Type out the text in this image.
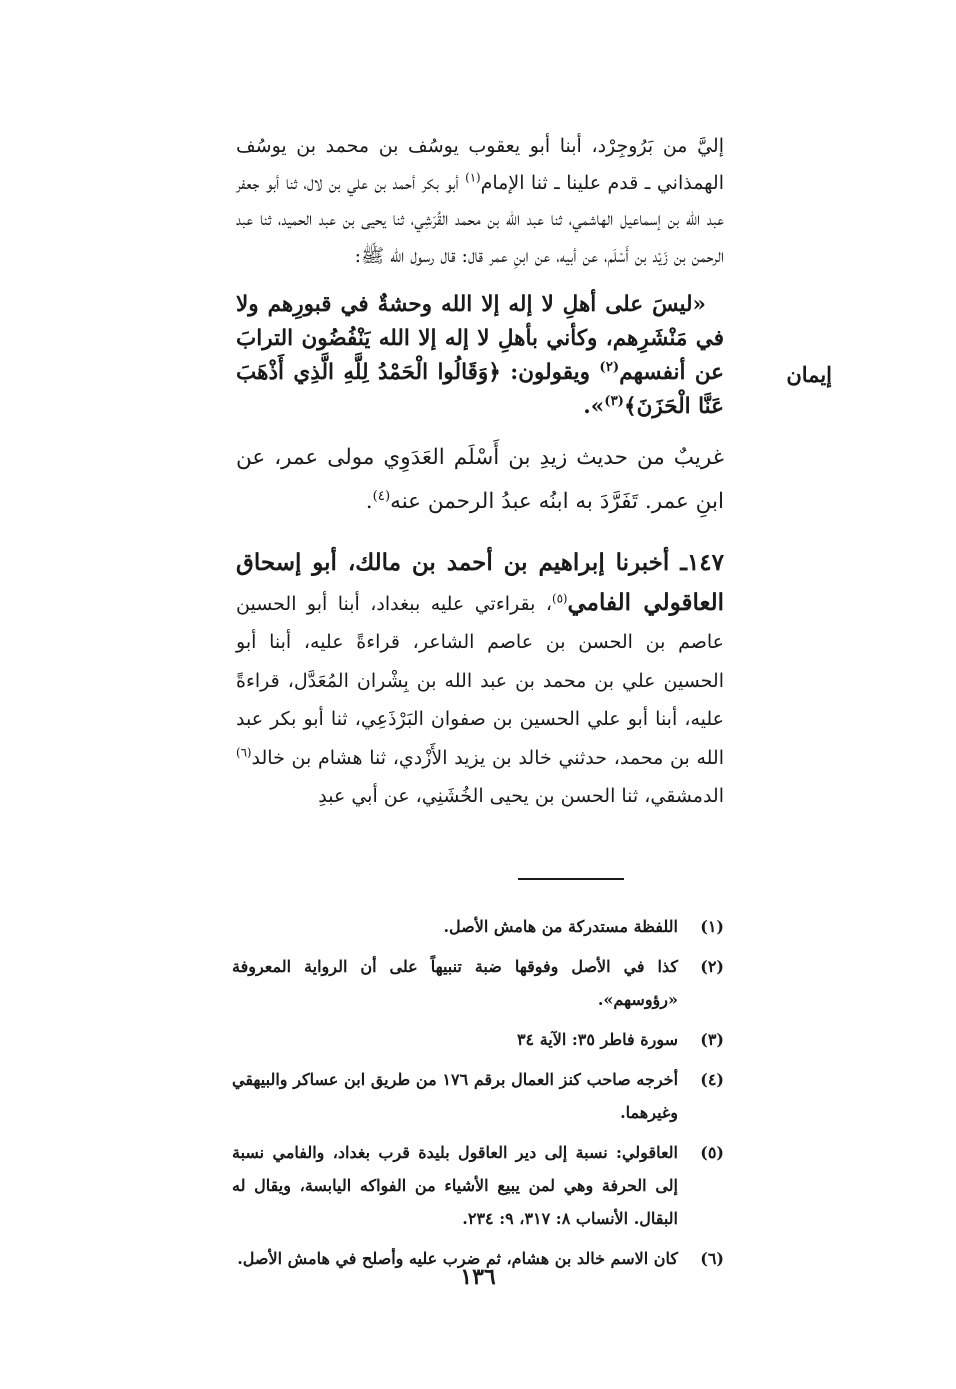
إيمان

إليَّ من بَرُوجِرْد، أبنا أبو يعقوب يوسُف بن محمد بن يوسُف الهمذاني ـ قدم علينا ـ ثنا الإمام$^{(١)}$ أبو بكر أحمد بن علي بن لال، ثنا أبو جعفر عبد الله بن إسماعيل الهاشمي، ثنا عبد الله بن محمد القُرَشِي، ثنا يحيى بن عبد الحميد، ثنا عبد الرحمن بن زَيْد بن أَسْلَم، عن أبيه، عن ابنِ عمر قال: قال رسول الله ﷺ:

«ليسَ على أهلِ لا إله إلا الله وحشةٌ في قبورِهم ولا في مَنْشَرِهم، وكأني بأهلِ لا إله إلا الله يَنْفُضُون الترابَ عن أنفسهم$^{(٢)}$ ويقولون: ﴿وَقَالُوا الْحَمْدُ لِلَّهِ الَّذِي أَذْهَبَ عَنَّا الْحَزَنَ﴾$^{(٣)}$».

غريبٌ من حديث زيدِ بن أَسْلَم العَدَوِي مولى عمر، عن ابنِ عمر. تَفَرَّدَ به ابنُه عبدُ الرحمن عنه$^{(٤)}$.

١٤٧ـ أخبرنا إبراهيم بن أحمد بن مالك، أبو إسحاق العاقولي الفامي$^{(٥)}$، بقراءتي عليه ببغداد، أبنا أبو الحسين عاصم بن الحسن بن عاصم الشاعر، قراءةً عليه، أبنا أبو الحسين علي بن محمد بن عبد الله بن بِشْران المُعَدَّل، قراءةً عليه، أبنا أبو علي الحسين بن صفوان البَرْذَعِي، ثنا أبو بكر عبد الله بن محمد، حدثني خالد بن يزيد الأَزْدي، ثنا هشام بن خالد$^{(٦)}$ الدمشقي، ثنا الحسن بن يحيى الخُشَنِي، عن أبي عبدِ

(١)
اللفظة مستدركة من هامش الأصل.
(٢)
كذا في الأصل وفوقها ضبة تنبيهاً على أن الرواية المعروفة «رؤوسهم».
(٣)
سورة فاطر ٣٥: الآية ٣٤
(٤)
أخرجه صاحب كنز العمال برقم ١٧٦ من طريق ابن عساكر والبيهقي وغيرهما.
(٥)
العاقولي: نسبة إلى دير العاقول بليدة قرب بغداد، والفامي نسبة إلى الحرفة وهي لمن يبيع الأشياء من الفواكه اليابسة، ويقال له البقال. الأنساب ٨: ٣١٧، ٩: ٢٣٤.
(٦)
كان الاسم خالد بن هشام، ثم ضرب عليه وأصلح في هامش الأصل.
١٣٦
